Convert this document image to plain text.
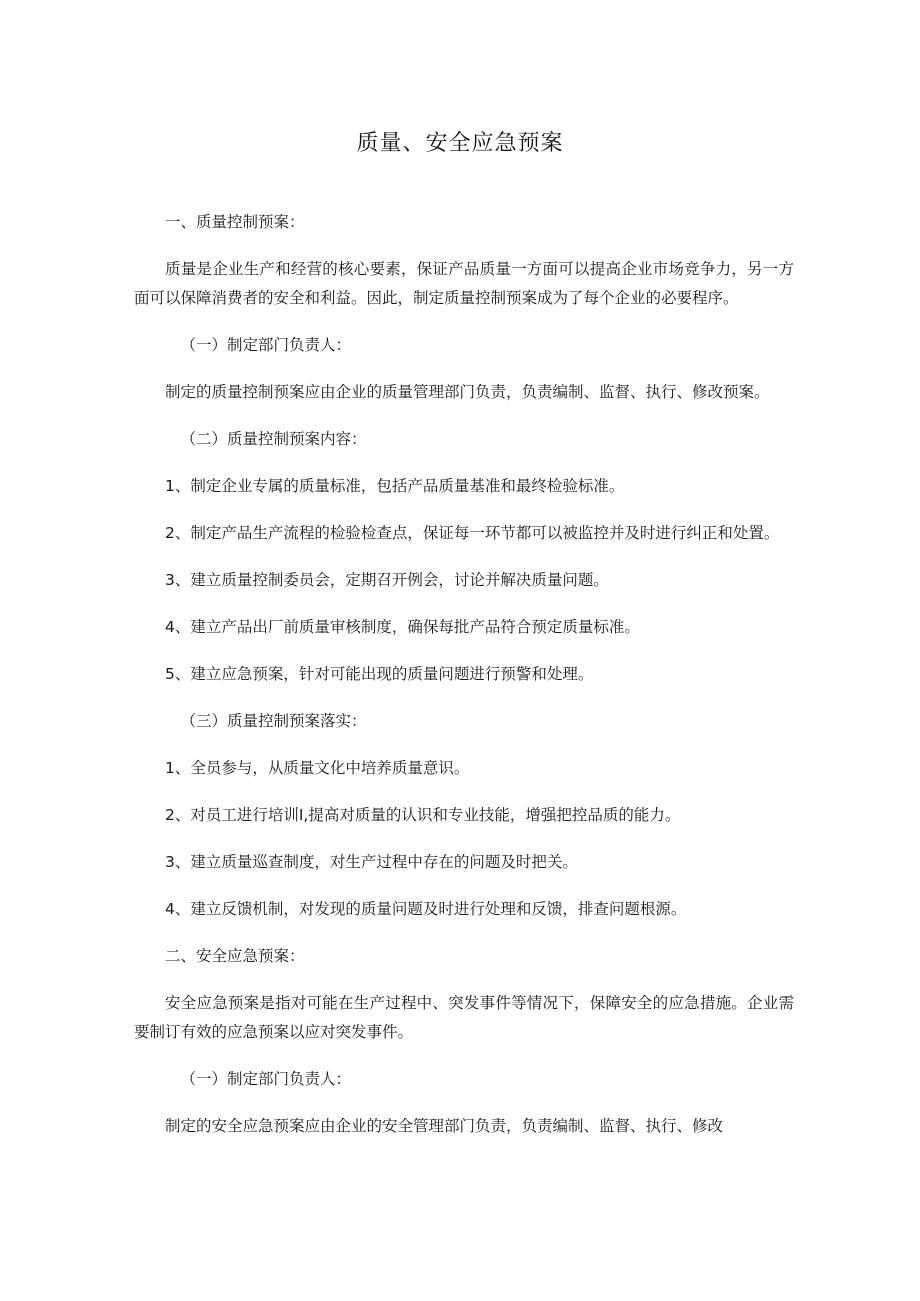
质量、安全应急预案

一、质量控制预案：

质量是企业生产和经营的核心要素，保证产品质量一方面可以提高企业市场竞争力，另一方面可以保障消费者的安全和利益。因此，制定质量控制预案成为了每个企业的必要程序。

（一）制定部门负责人：

制定的质量控制预案应由企业的质量管理部门负责，负责编制、监督、执行、修改预案。

（二）质量控制预案内容：

1、制定企业专属的质量标准，包括产品质量基准和最终检验标准。

2、制定产品生产流程的检验检查点，保证每一环节都可以被监控并及时进行纠正和处置。

3、建立质量控制委员会，定期召开例会，讨论并解决质量问题。

4、建立产品出厂前质量审核制度，确保每批产品符合预定质量标准。

5、建立应急预案，针对可能出现的质量问题进行预警和处理。

（三）质量控制预案落实：

1、全员参与，从质量文化中培养质量意识。

2、对员工进行培训I,提高对质量的认识和专业技能，增强把控品质的能力。

3、建立质量巡查制度，对生产过程中存在的问题及时把关。

4、建立反馈机制，对发现的质量问题及时进行处理和反馈，排查问题根源。

二、安全应急预案：

安全应急预案是指对可能在生产过程中、突发事件等情况下，保障安全的应急措施。企业需要制订有效的应急预案以应对突发事件。

（一）制定部门负责人：

制定的安全应急预案应由企业的安全管理部门负责，负责编制、监督、执行、修改
